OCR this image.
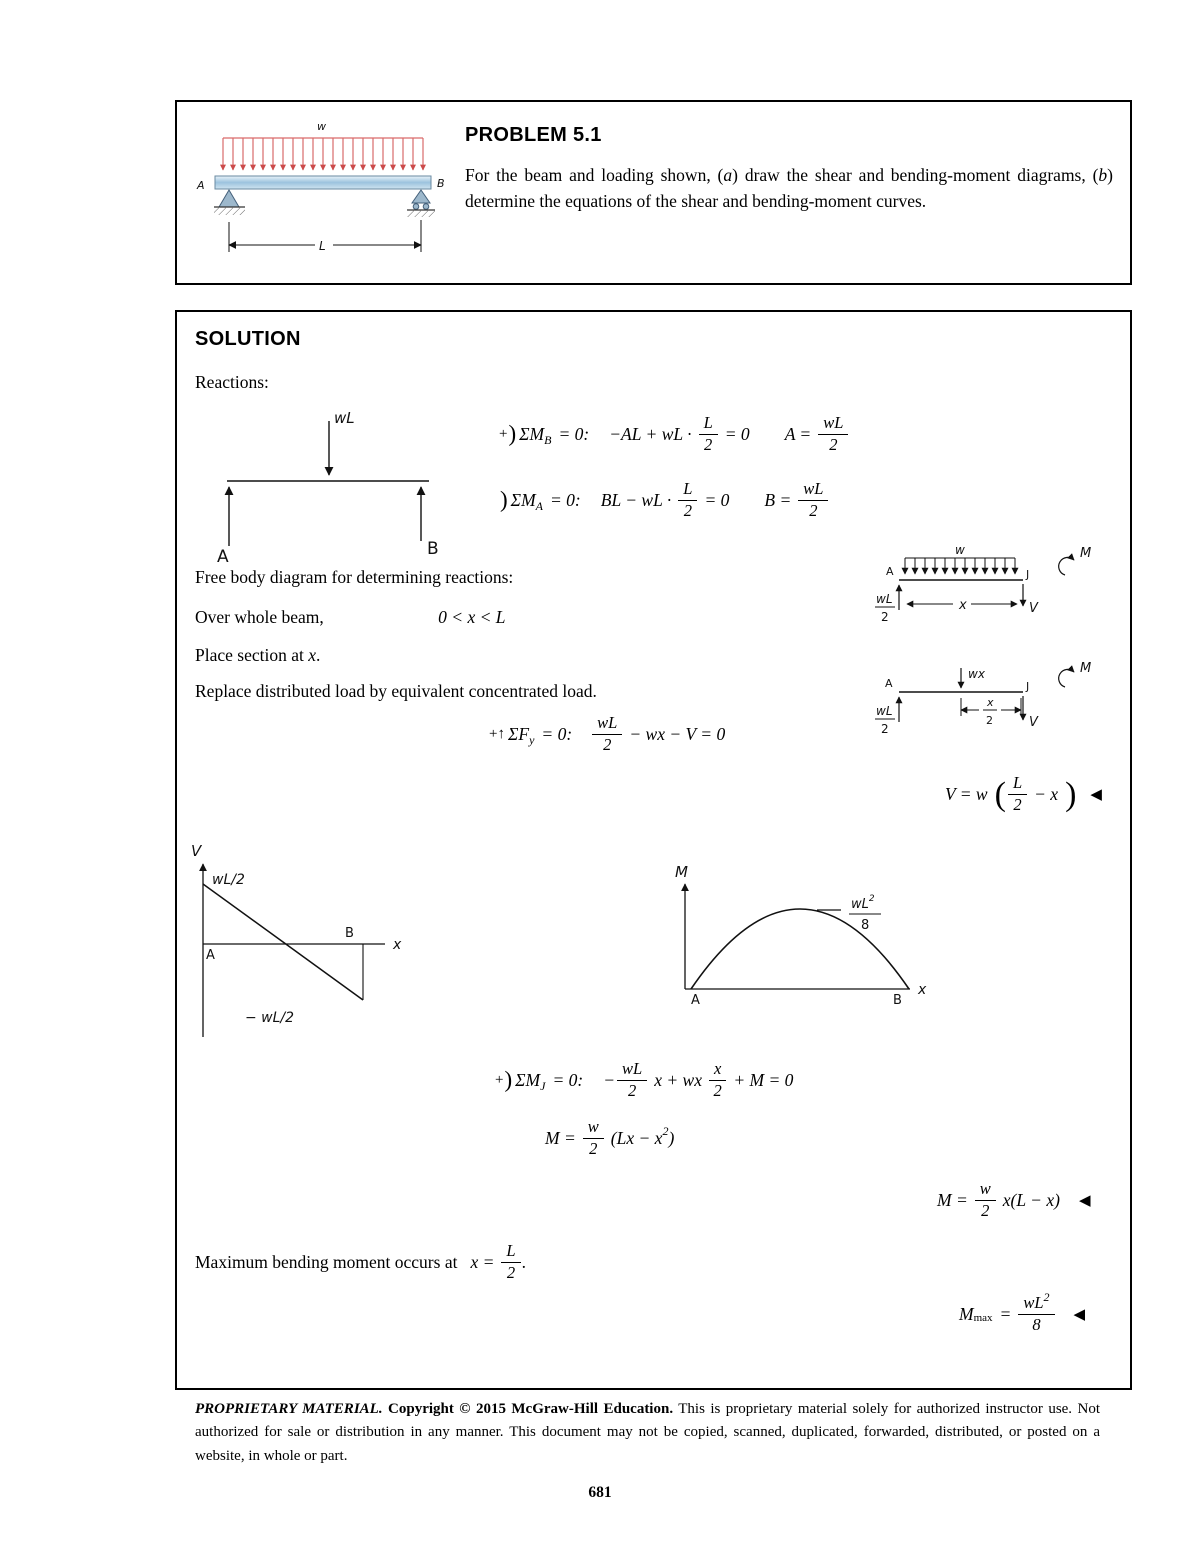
w
A	B
L
PROBLEM 5.1
For the beam and loading shown, (a) draw the shear and bending-moment diagrams, (b) determine the equations of the shear and bending-moment curves.
SOLUTION
Reactions:
wL
A	B
+ ) $\Sigma M_B = 0$: −AL + wL · $\frac{L}{2} = 0$ $A = \frac{wL}{2}$
) $\Sigma M_A = 0$: BL − wL · $\frac{L}{2} = 0$ $B = \frac{wL}{2}$
Free body diagram for determining reactions:
Over whole beam,	0 < x < L
Place section at x.
Replace distributed load by equivalent concentrated load.
+↑ $\Sigma F_y = 0$: $\frac{wL}{2}$ − wx − V = 0
w
A
wL
2
x
J
V
M
A
wL
2
wx
J
V
M
x
2
V = w ( $\frac{L}{2} - x$ ) ◀
V
wL/2
x
B
A
− wL/2
M
x
$wL^2$
8
A	B
+ ) $\Sigma M_J = 0$: − $\frac{wL}{2}$ x + wx $\frac{x}{2} + M = 0$
$M = \frac{w}{2} (Lx - x$ 2 )
$M = \frac{w}{2} x(L - x)$ ◀
Maximum bending moment occurs at $x = \frac{L}{2}$ .
M $\max = \frac{wL^2}{8}$ ◀
PROPRIETARY MATERIAL. Copyright © 2015 McGraw-Hill Education. This is proprietary material solely for authorized instructor use. Not authorized for sale or distribution in any manner. This document may not be copied, scanned, duplicated, forwarded, distributed, or posted on a website, in whole or part.
681
